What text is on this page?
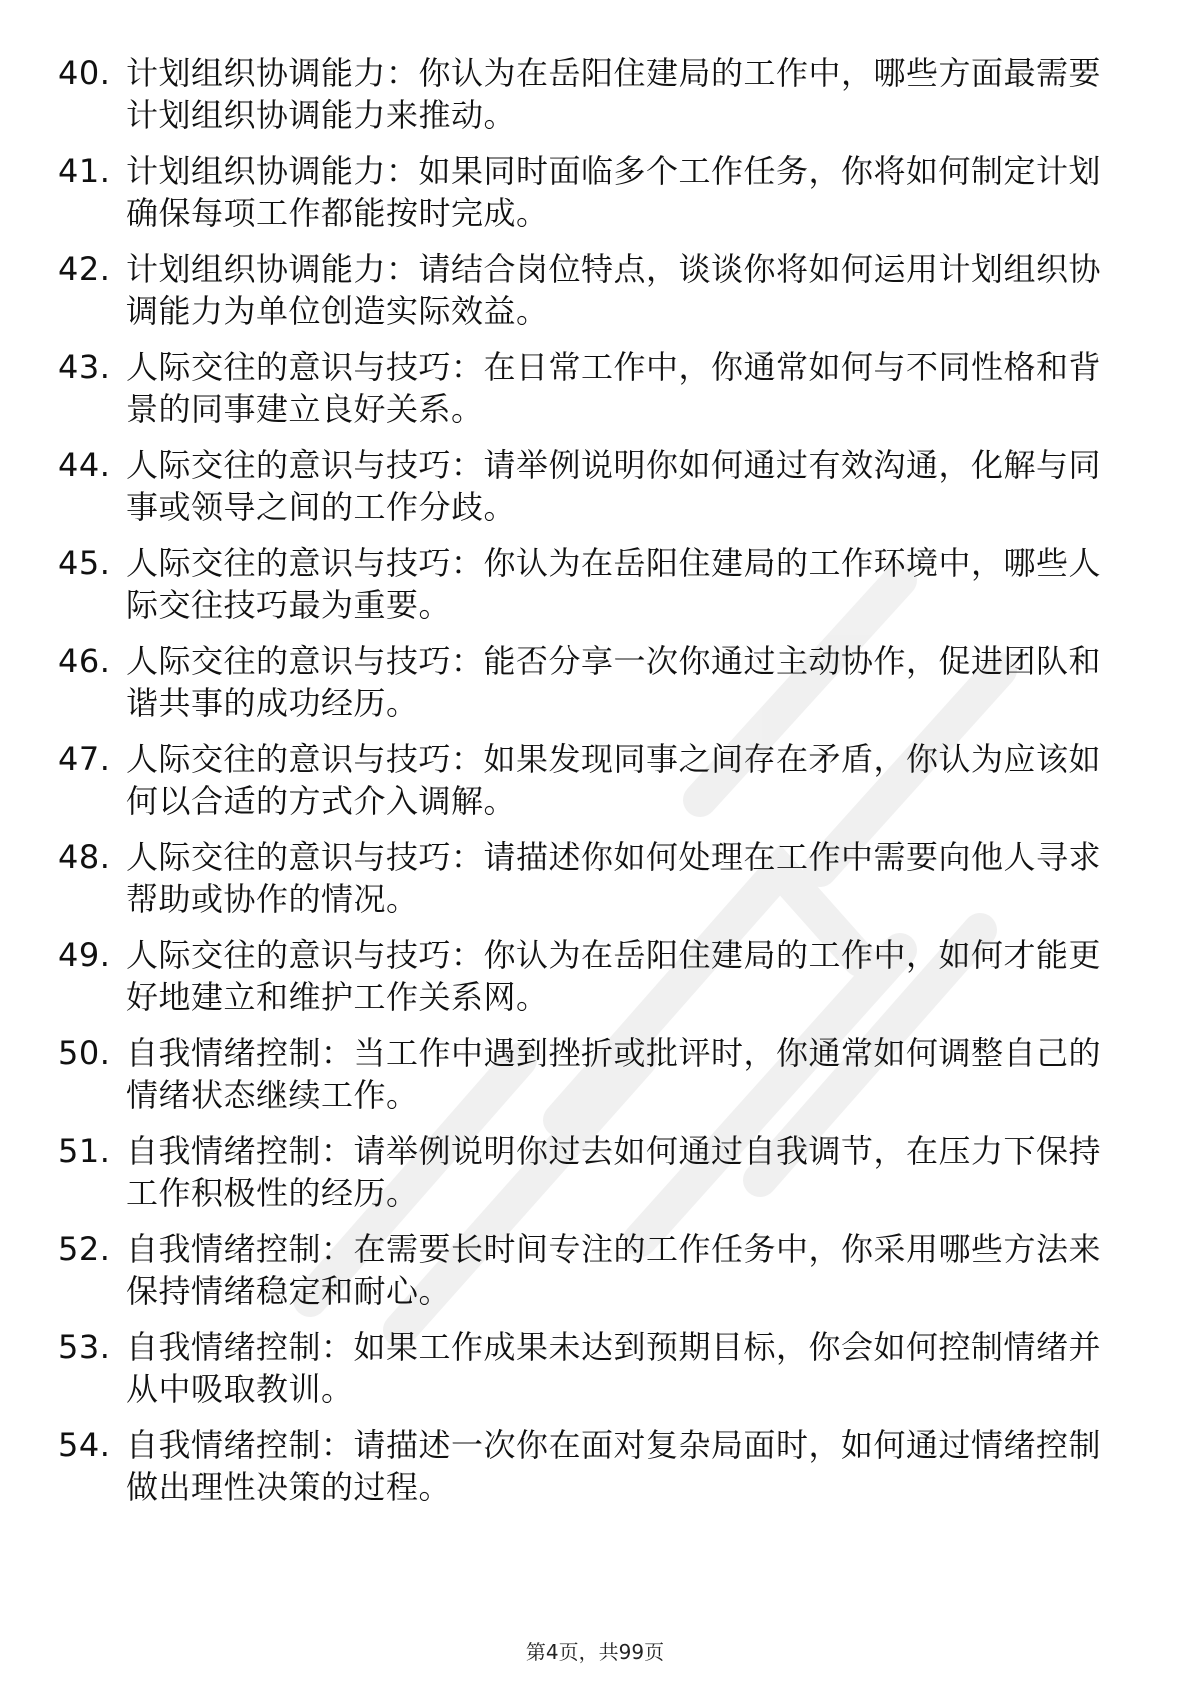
40. 计划组织协调能力：你认为在岳阳住建局的工作中，哪些方面最需要计划组织协调能力来推动。
41. 计划组织协调能力：如果同时面临多个工作任务，你将如何制定计划确保每项工作都能按时完成。
42. 计划组织协调能力：请结合岗位特点，谈谈你将如何运用计划组织协调能力为单位创造实际效益。
43. 人际交往的意识与技巧：在日常工作中，你通常如何与不同性格和背景的同事建立良好关系。
44. 人际交往的意识与技巧：请举例说明你如何通过有效沟通，化解与同事或领导之间的工作分歧。
45. 人际交往的意识与技巧：你认为在岳阳住建局的工作环境中，哪些人际交往技巧最为重要。
46. 人际交往的意识与技巧：能否分享一次你通过主动协作，促进团队和谐共事的成功经历。
47. 人际交往的意识与技巧：如果发现同事之间存在矛盾，你认为应该如何以合适的方式介入调解。
48. 人际交往的意识与技巧：请描述你如何处理在工作中需要向他人寻求帮助或协作的情况。
49. 人际交往的意识与技巧：你认为在岳阳住建局的工作中，如何才能更好地建立和维护工作关系网。
50. 自我情绪控制：当工作中遇到挫折或批评时，你通常如何调整自己的情绪状态继续工作。
51. 自我情绪控制：请举例说明你过去如何通过自我调节，在压力下保持工作积极性的经历。
52. 自我情绪控制：在需要长时间专注的工作任务中，你采用哪些方法来保持情绪稳定和耐心。
53. 自我情绪控制：如果工作成果未达到预期目标，你会如何控制情绪并从中吸取教训。
54. 自我情绪控制：请描述一次你在面对复杂局面时，如何通过情绪控制做出理性决策的过程。
第4页，共99页
